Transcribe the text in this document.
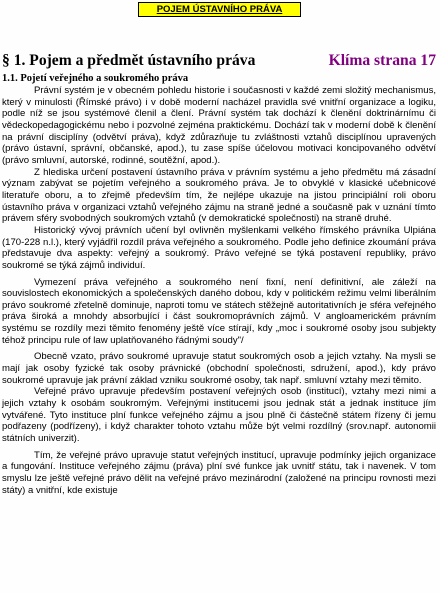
POJEM ÚSTAVNÍHO PRÁVA
§ 1. Pojem a předmět ústavního práva	Klíma strana 17
1.1. Pojetí veřejného a soukromého práva

Právní systém je v obecném pohledu historie i současnosti v každé zemi složitý mechanismus, který v minulosti (Římské právo) i v době moderní nacházel pravidla své vnitřní organizace a logiku, podle níž se jsou systémové členil a člení. Právní systém tak dochází k členění doktrinárnímu či vědeckopedagogickému nebo i pozvolné zejména praktickému. Dochází tak v moderní době k členění na právní disciplíny (odvětví práva), když zdůrazňuje tu zvláštnosti vztahů disciplínou upravených (právo ústavní, správní, občanské, apod.), tu zase spíše účelovou motivaci koncipovaného odvětví (právo smluvní, autorské, rodinné, soutěžní, apod.).

Z hlediska určení postavení ústavního práva v právním systému a jeho předmětu má zásadní význam zabývat se pojetím veřejného a soukromého práva. Je to obvyklé v klasické učebnicové literatuře oboru, a to zřejmě především tím, že nejlépe ukazuje na jistou principiální roli oboru ústavního práva v organizaci vztahů veřejného zájmu na straně jedné a současně pak v uznání tímto právem sféry svobodných soukromých vztahů (v demokratické společnosti) na straně druhé.

Historický vývoj právních učení byl ovlivněn myšlenkami velkého římského právníka Ulpiána (170-228 n.l.), který vyjádřil rozdíl práva veřejného a soukromého. Podle jeho definice zkoumání práva představuje dva aspekty: veřejný a soukromý. Právo veřejné se týká postavení republiky, právo soukromé se týká zájmů individuí.

Vymezení práva veřejného a soukromého není fixní, není definitivní, ale záleží na souvislostech ekonomických a společenských daného dobou, kdy v politickém režimu velmi liberálním právo soukromé zřetelně dominuje, naproti tomu ve státech stěžejně autoritativních je sféra veřejného práva široká a mnohdy absorbující i část soukromoprávních zájmů. V angloamerickém právním systému se rozdíly mezi těmito fenomény ještě více stírají, kdy „moc i soukromé osoby jsou subjekty téhož principu rule of law uplatňovaného řádnými soudy"/

Obecně vzato, právo soukromé upravuje statut soukromých osob a jejich vztahy. Na mysli se mají jak osoby fyzické tak osoby právnické (obchodní společnosti, sdružení, apod.), kdy právo soukromé upravuje jak právní základ vzniku soukromé osoby, tak např. smluvní vztahy mezi těmito.

Veřejné právo upravuje především postavení veřejných osob (institucí), vztahy mezi nimi a jejich vztahy k osobám soukromým. Veřejnými institucemi jsou jednak stát a jednak instituce jím vytvářené. Tyto instituce plní funkce veřejného zájmu a jsou plně či částečně státem řízeny či jemu podřazeny (podřízeny), i když charakter tohoto vztahu může být velmi rozdílný (srov.např. autonomii státních univerzit).

Tím, že veřejné právo upravuje statut veřejných institucí, upravuje podmínky jejich organizace a fungování. Instituce veřejného zájmu (práva) plní své funkce jak uvnitř státu, tak i navenek. V tom smyslu lze ještě veřejné právo dělit na veřejné právo mezinárodní (založené na principu rovnosti mezi státy) a vnitřní, kde existuje
